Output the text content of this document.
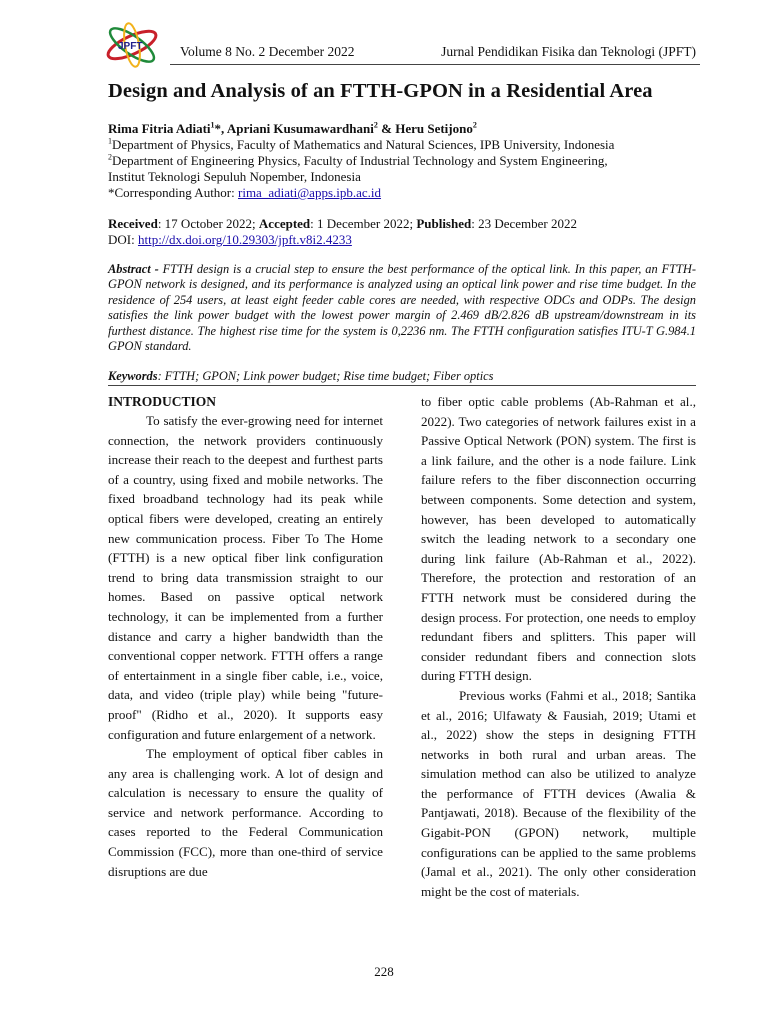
JPFT	Volume 8 No. 2 December 2022	Jurnal Pendidikan Fisika dan Teknologi (JPFT)
Design and Analysis of an FTTH-GPON in a Residential Area
Rima Fitria Adiati$^1$*, Apriani Kusumawardhani$^2$ & Heru Setijono$^2$
$^1$Department of Physics, Faculty of Mathematics and Natural Sciences, IPB University, Indonesia
$^2$Department of Engineering Physics, Faculty of Industrial Technology and System Engineering,
Institut Teknologi Sepuluh Nopember, Indonesia
*Corresponding Author: rima_adiati@apps.ipb.ac.id
Received: 17 October 2022; Accepted: 1 December 2022; Published: 23 December 2022
DOI: http://dx.doi.org/10.29303/jpft.v8i2.4233
Abstract - FTTH design is a crucial step to ensure the best performance of the optical link. In this paper, an FTTH-GPON network is designed, and its performance is analyzed using an optical link power and rise time budget. In the residence of 254 users, at least eight feeder cable cores are needed, with respective ODCs and ODPs. The design satisfies the link power budget with the lowest power margin of 2.469 dB/2.826 dB upstream/downstream in its furthest distance. The highest rise time for the system is 0,2236 nm. The FTTH configuration satisfies ITU-T G.984.1 GPON standard.
Keywords: FTTH; GPON; Link power budget; Rise time budget; Fiber optics

INTRODUCTION

To satisfy the ever-growing need for internet connection, the network providers continuously increase their reach to the deepest and furthest parts of a country, using fixed and mobile networks. The fixed broadband technology had its peak while optical fibers were developed, creating an entirely new communication process. Fiber To The Home (FTTH) is a new optical fiber link configuration trend to bring data transmission straight to our homes. Based on passive optical network technology, it can be implemented from a further distance and carry a higher bandwidth than the conventional copper network. FTTH offers a range of entertainment in a single fiber cable, i.e., voice, data, and video (triple play) while being "future-proof" (Ridho et al., 2020). It supports easy configuration and future enlargement of a network.

The employment of optical fiber cables in any area is challenging work. A lot of design and calculation is necessary to ensure the quality of service and network performance. According to cases reported to the Federal Communication Commission (FCC), more than one-third of service disruptions are due

to fiber optic cable problems (Ab-Rahman et al., 2022). Two categories of network failures exist in a Passive Optical Network (PON) system. The first is a link failure, and the other is a node failure. Link failure refers to the fiber disconnection occurring between components. Some detection and system, however, has been developed to automatically switch the leading network to a secondary one during link failure (Ab-Rahman et al., 2022). Therefore, the protection and restoration of an FTTH network must be considered during the design process. For protection, one needs to employ redundant fibers and splitters. This paper will consider redundant fibers and connection slots during FTTH design.

Previous works (Fahmi et al., 2018; Santika et al., 2016; Ulfawaty & Fausiah, 2019; Utami et al., 2022) show the steps in designing FTTH networks in both rural and urban areas. The simulation method can also be utilized to analyze the performance of FTTH devices (Awalia & Pantjawati, 2018). Because of the flexibility of the Gigabit-PON (GPON) network, multiple configurations can be applied to the same problems (Jamal et al., 2021). The only other consideration might be the cost of materials.

228
